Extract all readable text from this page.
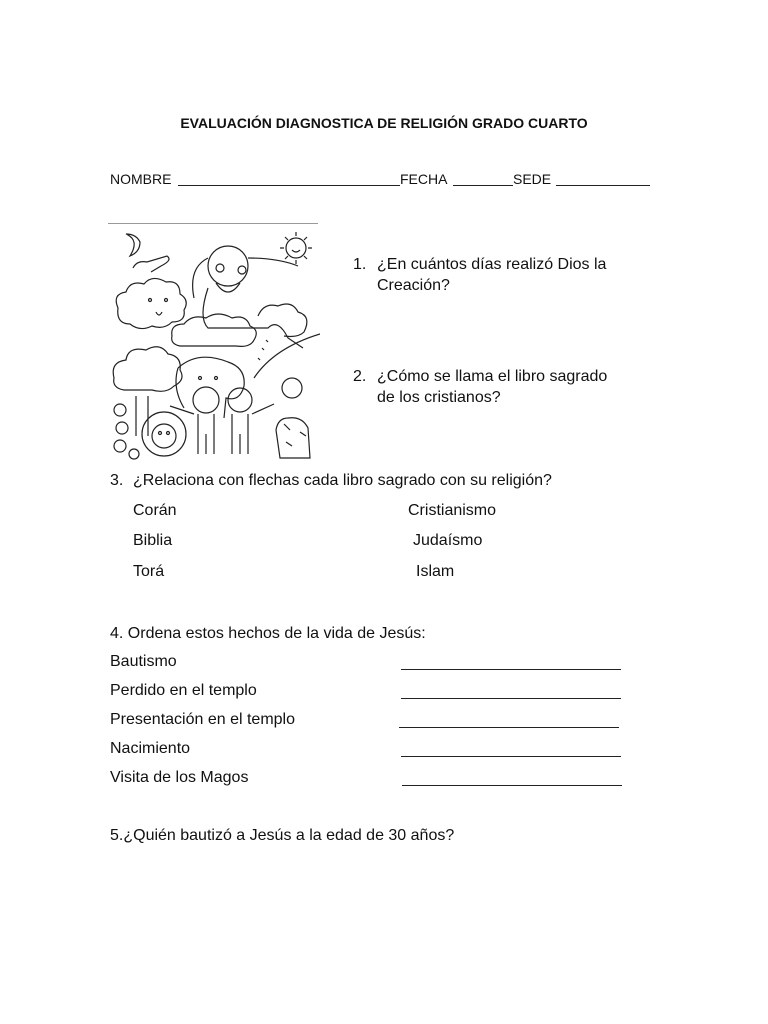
EVALUACIÓN DIAGNOSTICA DE RELIGIÓN GRADO CUARTO
NOMBRE	FECHA	SEDE
1. ¿En cuántos días realizó Dios la
Creación?
2. ¿Cómo se llama el libro sagrado
de los cristianos?
3. ¿Relaciona con flechas cada libro sagrado con su religión?
Corán
Biblia
Torá
Cristianismo
Judaísmo
Islam
4. Ordena estos hechos de la vida de Jesús:
Bautismo
Perdido en el templo
Presentación en el templo
Nacimiento
Visita de los Magos
5.¿Quién bautizó a Jesús a la edad de 30 años?
